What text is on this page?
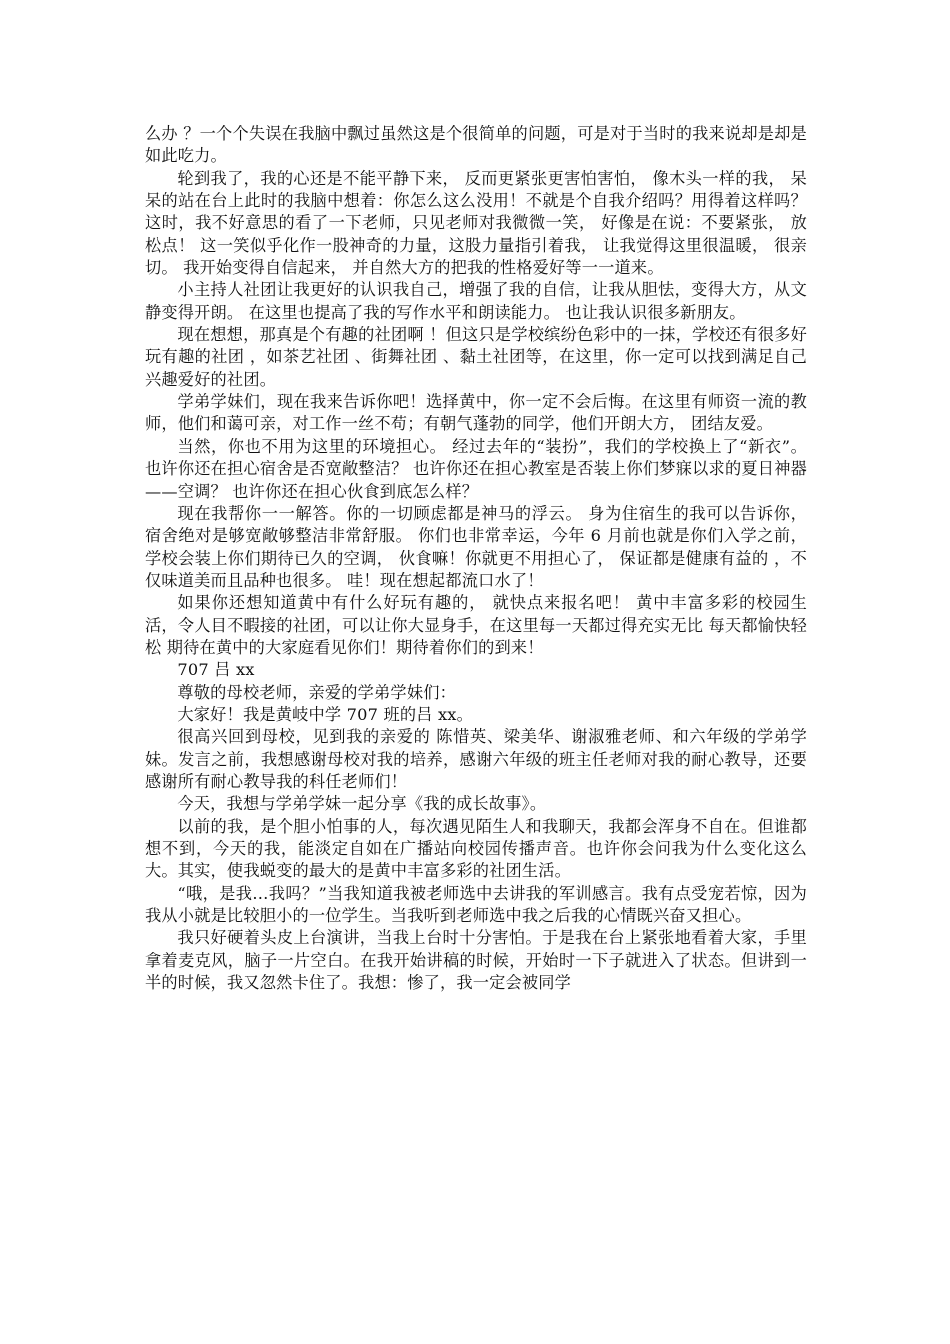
么办 ？一个个失误在我脑中飘过虽然这是个很简单的问题，可是对于当时的我来说却是却是如此吃力。

轮到我了，我的心还是不能平静下来， 反而更紧张更害怕害怕， 像木头一样的我， 呆呆的站在台上此时的我脑中想着：你怎么这么没用！不就是个自我介绍吗？用得着这样吗？ 这时，我不好意思的看了一下老师，只见老师对我微微一笑， 好像是在说：不要紧张， 放松点！ 这一笑似乎化作一股神奇的力量，这股力量指引着我， 让我觉得这里很温暖， 很亲切。 我开始变得自信起来， 并自然大方的把我的性格爱好等一一道来。

小主持人社团让我更好的认识我自己，增强了我的自信，让我从胆怯，变得大方，从文静变得开朗。 在这里也提高了我的写作水平和朗读能力。 也让我认识很多新朋友。

现在想想，那真是个有趣的社团啊 ！但这只是学校缤纷色彩中的一抹，学校还有很多好玩有趣的社团 ，如茶艺社团 、街舞社团 、黏土社团等，在这里，你一定可以找到满足自己兴趣爱好的社团。

学弟学妹们，现在我来告诉你吧！选择黄中，你一定不会后悔。在这里有师资一流的教师，他们和蔼可亲，对工作一丝不苟；有朝气蓬勃的同学，他们开朗大方， 团结友爱。

当然，你也不用为这里的环境担心。 经过去年的“装扮”，我们的学校换上了“新衣”。 也许你还在担心宿舍是否宽敞整洁？ 也许你还在担心教室是否装上你们梦寐以求的夏日神器——空调？ 也许你还在担心伙食到底怎么样？

现在我帮你一一解答。你的一切顾虑都是神马的浮云。 身为住宿生的我可以告诉你， 宿舍绝对是够宽敞够整洁非常舒服。 你们也非常幸运，今年 6 月前也就是你们入学之前，学校会装上你们期待已久的空调， 伙食嘛！你就更不用担心了， 保证都是健康有益的 ，不仅味道美而且品种也很多。 哇！现在想起都流口水了！

如果你还想知道黄中有什么好玩有趣的， 就快点来报名吧！ 黄中丰富多彩的校园生活，令人目不暇接的社团，可以让你大显身手，在这里每一天都过得充实无比 每天都愉快轻松 期待在黄中的大家庭看见你们！期待着你们的到来！

707 吕 xx

尊敬的母校老师，亲爱的学弟学妹们：

大家好！我是黄岐中学 707 班的吕 xx。

很高兴回到母校，见到我的亲爱的 陈惜英、梁美华、谢淑雅老师、和六年级的学弟学妹。发言之前，我想感谢母校对我的培养，感谢六年级的班主任老师对我的耐心教导，还要感谢所有耐心教导我的科任老师们！

今天，我想与学弟学妹一起分享《我的成长故事》。

以前的我，是个胆小怕事的人，每次遇见陌生人和我聊天，我都会浑身不自在。但谁都想不到，今天的我，能淡定自如在广播站向校园传播声音。也许你会问我为什么变化这么大。其实，使我蜕变的最大的是黄中丰富多彩的社团生活。

“哦，是我…我吗？”当我知道我被老师选中去讲我的军训感言。我有点受宠若惊，因为我从小就是比较胆小的一位学生。当我听到老师选中我之后我的心情既兴奋又担心。

我只好硬着头皮上台演讲，当我上台时十分害怕。于是我在台上紧张地看着大家，手里拿着麦克风，脑子一片空白。在我开始讲稿的时候，开始时一下子就进入了状态。但讲到一半的时候，我又忽然卡住了。我想：惨了，我一定会被同学
